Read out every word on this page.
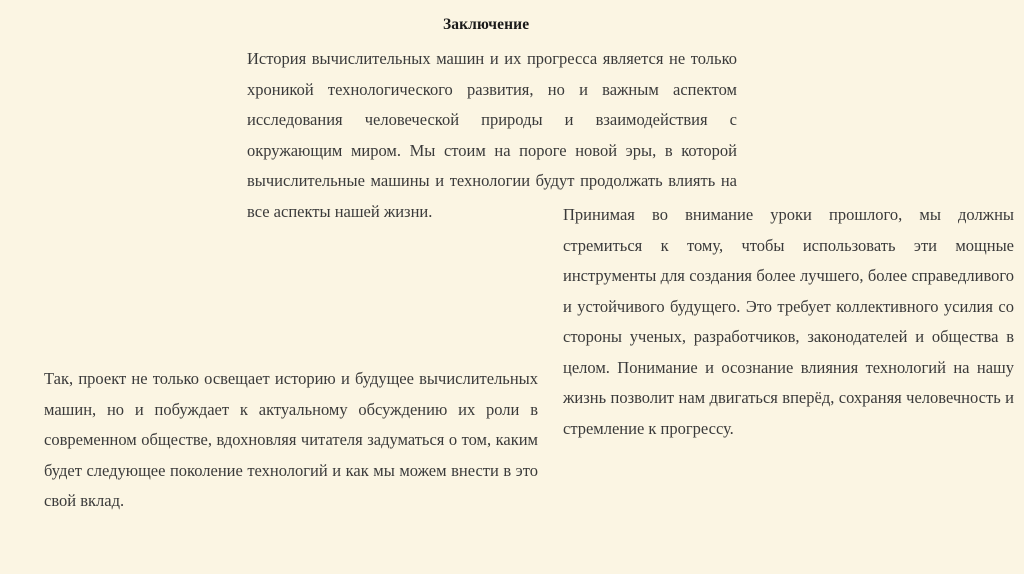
Заключение
История вычислительных машин и их прогресса является не только хроникой технологического развития, но и важным аспектом исследования человеческой природы и взаимодействия с окружающим миром. Мы стоим на пороге новой эры, в которой вычислительные машины и технологии будут продолжать влиять на все аспекты нашей жизни.	Принимая во внимание уроки прошлого, мы должны стремиться к тому, чтобы использовать эти мощные инструменты для создания более лучшего, более справедливого и устойчивого будущего. Это требует коллективного усилия со стороны ученых, разработчиков, законодателей и общества в целом. Понимание и осознание влияния технологий на нашу жизнь позволит нам двигаться вперёд, сохраняя человечность и стремление к прогрессу.
Так, проект не только освещает историю и будущее вычислительных машин, но и побуждает к актуальному обсуждению их роли в современном обществе, вдохновляя читателя задуматься о том, каким будет следующее поколение технологий и как мы можем внести в это свой вклад.
